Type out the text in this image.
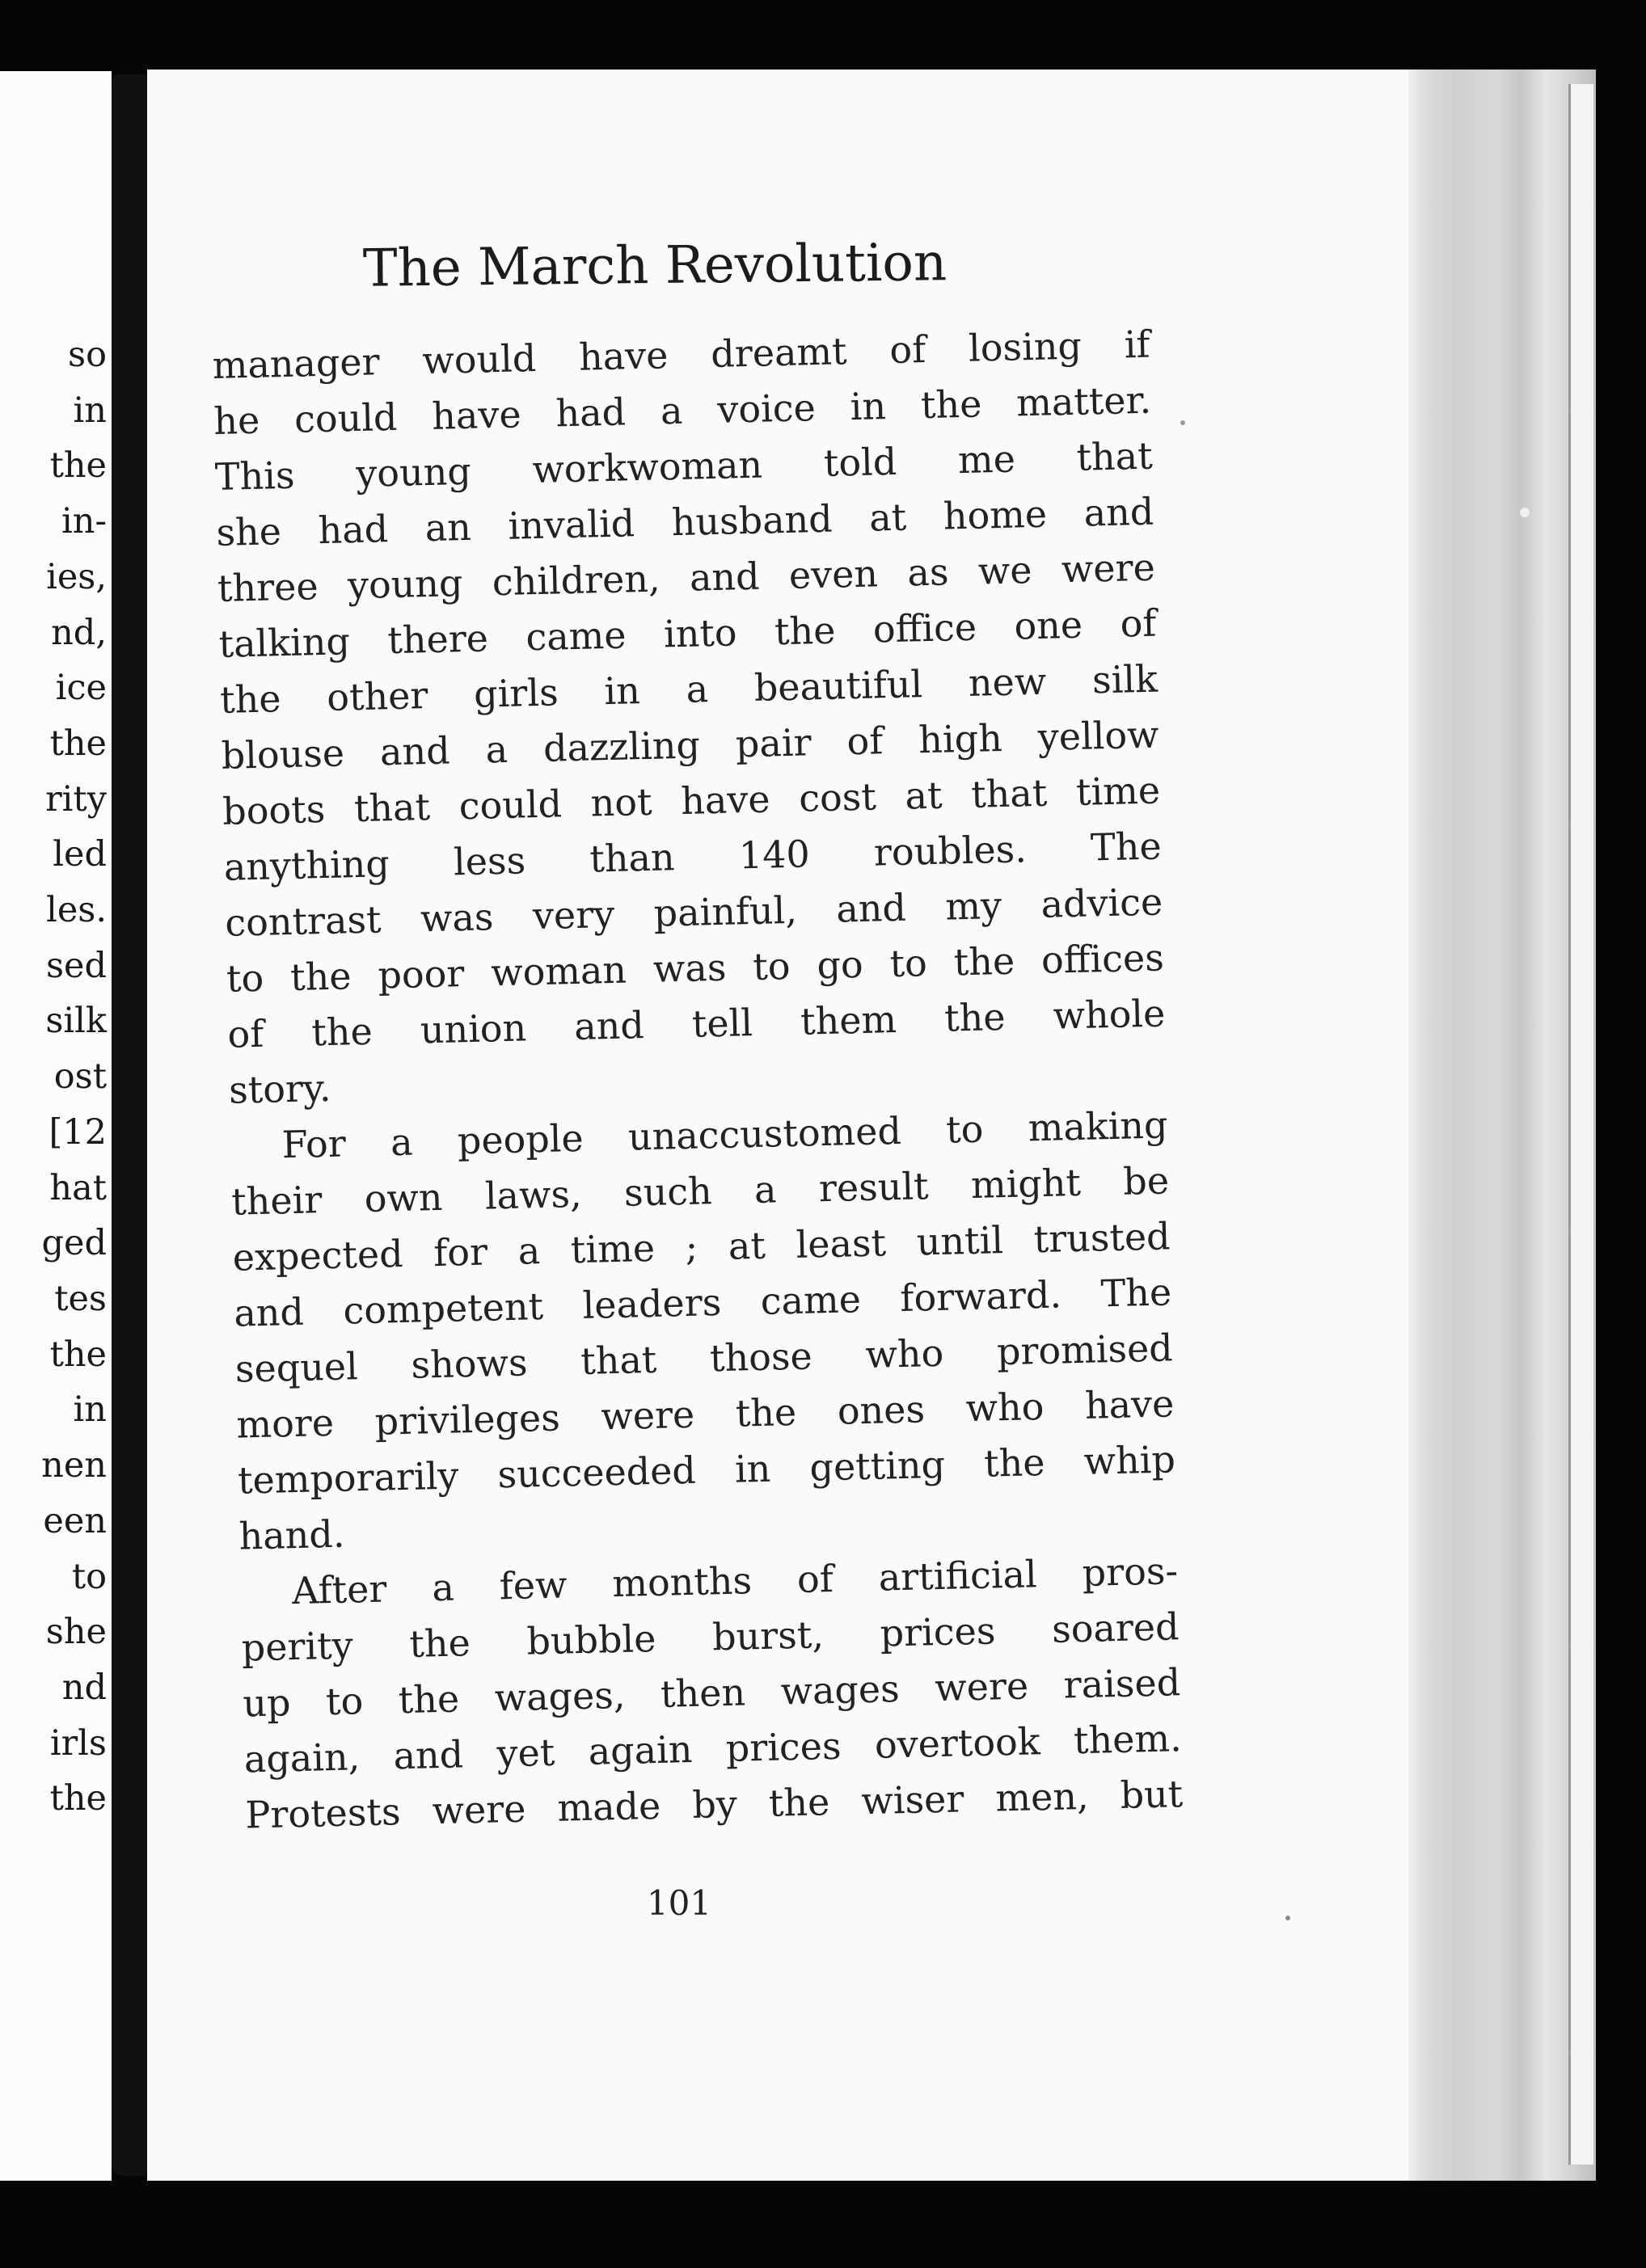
so
in
the
in-
ies,
nd,
ice
the
rity
led
les.
sed
silk
ost
[12
hat
ged
tes
the
in
nen
een
to
she
nd
irls
the
The March Revolution
manager would have dreamt of losing if
he could have had a voice in the matter.
This young workwoman told me that
she had an invalid husband at home and
three young children, and even as we were
talking there came into the office one of
the other girls in a beautiful new silk
blouse and a dazzling pair of high yellow
boots that could not have cost at that time
anything less than 140 roubles. The
contrast was very painful, and my advice
to the poor woman was to go to the offices
of the union and tell them the whole
story.
For a people unaccustomed to making
their own laws, such a result might be
expected for a time ; at least until trusted
and competent leaders came forward. The
sequel shows that those who promised
more privileges were the ones who have
temporarily succeeded in getting the whip
hand.
After a few months of artificial pros-
perity the bubble burst, prices soared
up to the wages, then wages were raised
again, and yet again prices overtook them.
Protests were made by the wiser men, but
101
